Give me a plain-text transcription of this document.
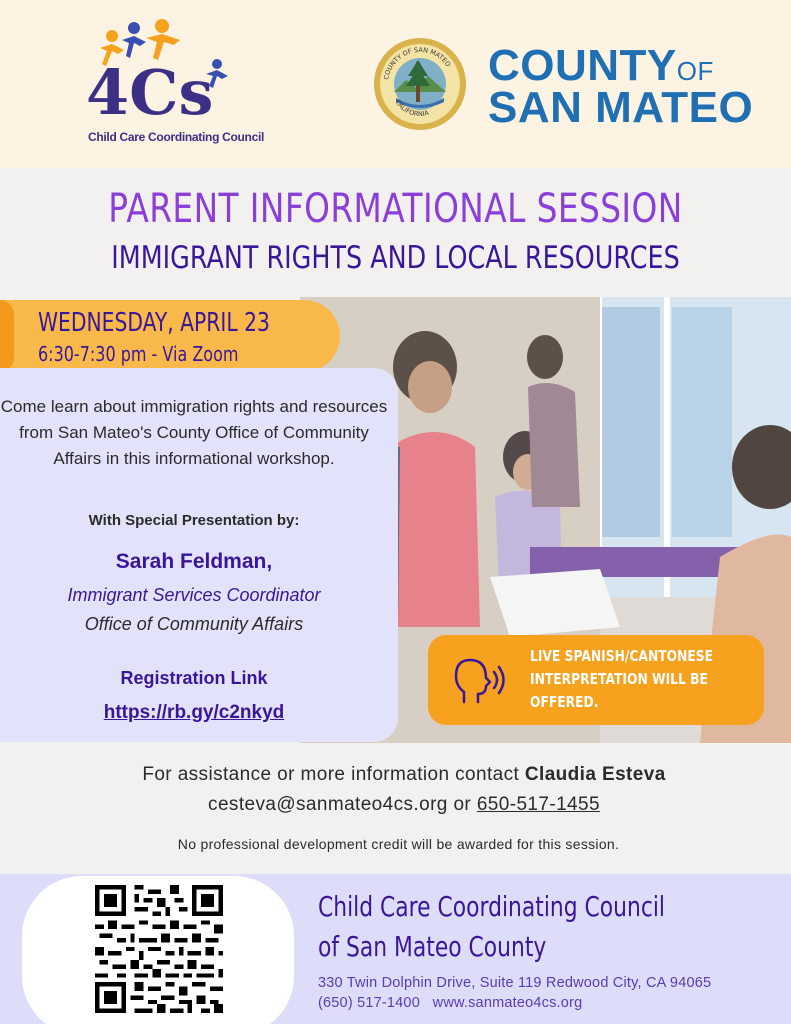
4Cs
Child Care Coordinating Council
COUNTY OF SAN MATEO
CALIFORNIA
COUNTYOF
SAN MATEO
PARENT INFORMATIONAL SESSION
IMMIGRANT RIGHTS AND LOCAL RESOURCES
WEDNESDAY, APRIL 23
6:30-7:30 pm - Via Zoom
Come learn about immigration rights and resources from San Mateo's County Office of Community Affairs in this informational workshop.
With Special Presentation by:
Sarah Feldman,
Immigrant Services Coordinator
Office of Community Affairs
Registration Link
https://rb.gy/c2nkyd
LIVE SPANISH/CANTONESE INTERPRETATION WILL BE OFFERED.
For assistance or more information contact Claudia Esteva
cesteva@sanmateo4cs.org or 650-517-1455
No professional development credit will be awarded for this session.
Child Care Coordinating Council
of San Mateo County
330 Twin Dolphin Drive, Suite 119 Redwood City, CA 94065
(650) 517-1400 www.sanmateo4cs.org
